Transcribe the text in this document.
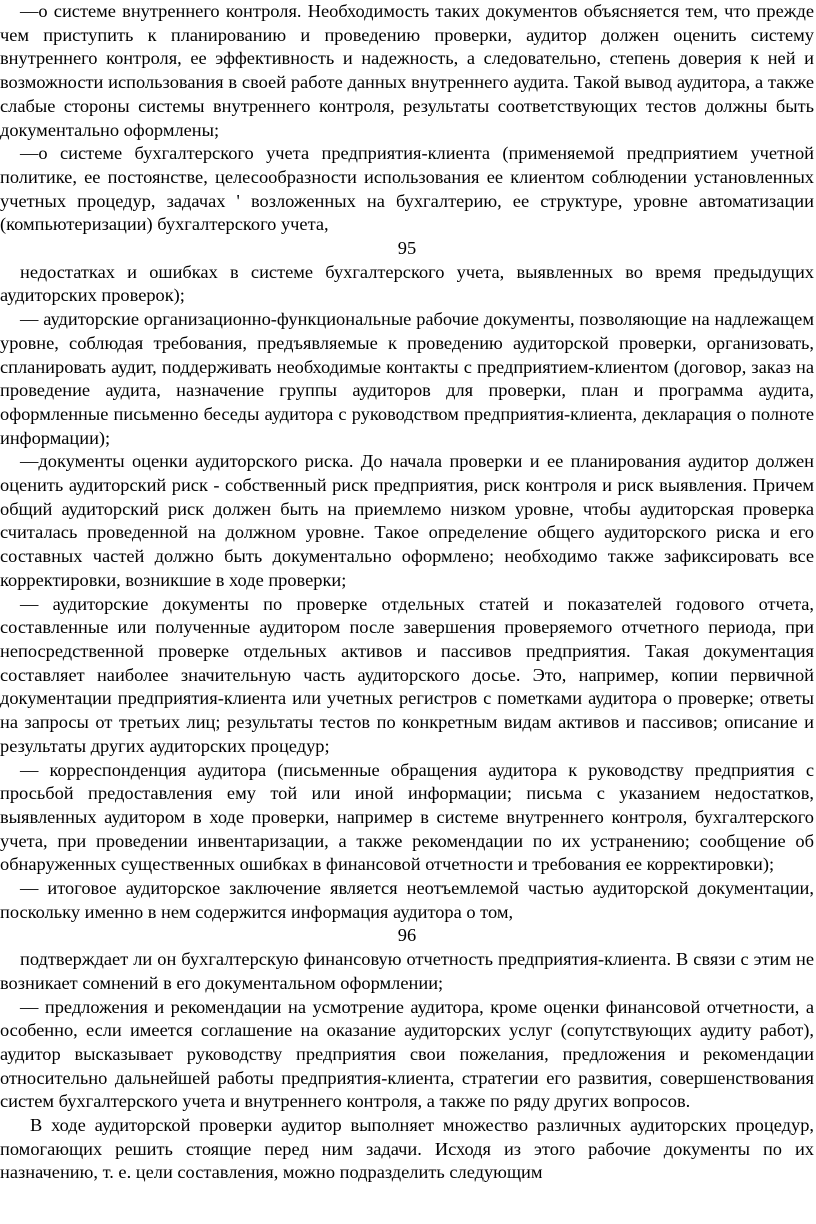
—о системе внутреннего контроля. Необходимость таких документов объясняется тем, что прежде чем приступить к планированию и проведению проверки, аудитор должен оценить систему внутреннего контроля, ее эффективность и надежность, а следовательно, степень доверия к ней и возможности использования в своей работе данных внутреннего аудита. Такой вывод аудитора, а также слабые стороны системы внутреннего контроля, результаты соответствующих тестов должны быть документально оформлены;

—о системе бухгалтерского учета предприятия-клиента (применяемой предприятием учетной политике, ее постоянстве, целесообразности использования ее клиентом соблюдении установленных учетных процедур, задачах ' возложенных на бухгалтерию, ее структуре, уровне автоматизации (компьютеризации) бухгалтерского учета,

95

недостатках и ошибках в системе бухгалтерского учета, выявленных во время предыдущих аудиторских проверок);

— аудиторские организационно-функциональные рабочие документы, позволяющие на надлежащем уровне, соблюдая требования, предъявляемые к проведению аудиторской проверки, организовать, спланировать аудит, поддерживать необходимые контакты с предприятием-клиентом (договор, заказ на проведение аудита, назначение группы аудиторов для проверки, план и программа аудита, оформленные письменно беседы аудитора с руководством предприятия-клиента, декларация о полноте информации);

—документы оценки аудиторского риска. До начала проверки и ее планирования аудитор должен оценить аудиторский риск - собственный риск предприятия, риск контроля и риск выявления. Причем общий аудиторский риск должен быть на приемлемо низком уровне, чтобы аудиторская проверка считалась проведенной на должном уровне. Такое определение общего аудиторского риска и его составных частей должно быть документально оформлено; необходимо также зафиксировать все корректировки, возникшие в ходе проверки;

— аудиторские документы по проверке отдельных статей и показателей годового отчета, составленные или полученные аудитором после завершения проверяемого отчетного периода, при непосредственной проверке отдельных активов и пассивов предприятия. Такая документация составляет наиболее значительную часть аудиторского досье. Это, например, копии первичной документации предприятия-клиента или учетных регистров с пометками аудитора о проверке; ответы на запросы от третьих лиц; результаты тестов по конкретным видам активов и пассивов; описание и результаты других аудиторских процедур;

— корреспонденция аудитора (письменные обращения аудитора к руководству предприятия с просьбой предоставления ему той или иной информации; письма с указанием недостатков, выявленных аудитором в ходе проверки, например в системе внутреннего контроля, бухгалтерского учета, при проведении инвентаризации, а также рекомендации по их устранению; сообщение об обнаруженных существенных ошибках в финансовой отчетности и требования ее корректировки);

— итоговое аудиторское заключение является неотъемлемой частью аудиторской документации, поскольку именно в нем содержится информация аудитора о том,

96

подтверждает ли он бухгалтерскую финансовую отчетность предприятия-клиента. В связи с этим не возникает сомнений в его документальном оформлении;

— предложения и рекомендации на усмотрение аудитора, кроме оценки финансовой отчетности, а особенно, если имеется соглашение на оказание аудиторских услуг (сопутствующих аудиту работ), аудитор высказывает руководству предприятия свои пожелания, предложения и рекомендации относительно дальнейшей работы предприятия-клиента, стратегии его развития, совершенствования систем бухгалтерского учета и внутреннего контроля, а также по ряду других вопросов.

В ходе аудиторской проверки аудитор выполняет множество различных аудиторских процедур, помогающих решить стоящие перед ним задачи. Исходя из этого рабочие документы по их назначению, т. е. цели составления, можно подразделить следующим
